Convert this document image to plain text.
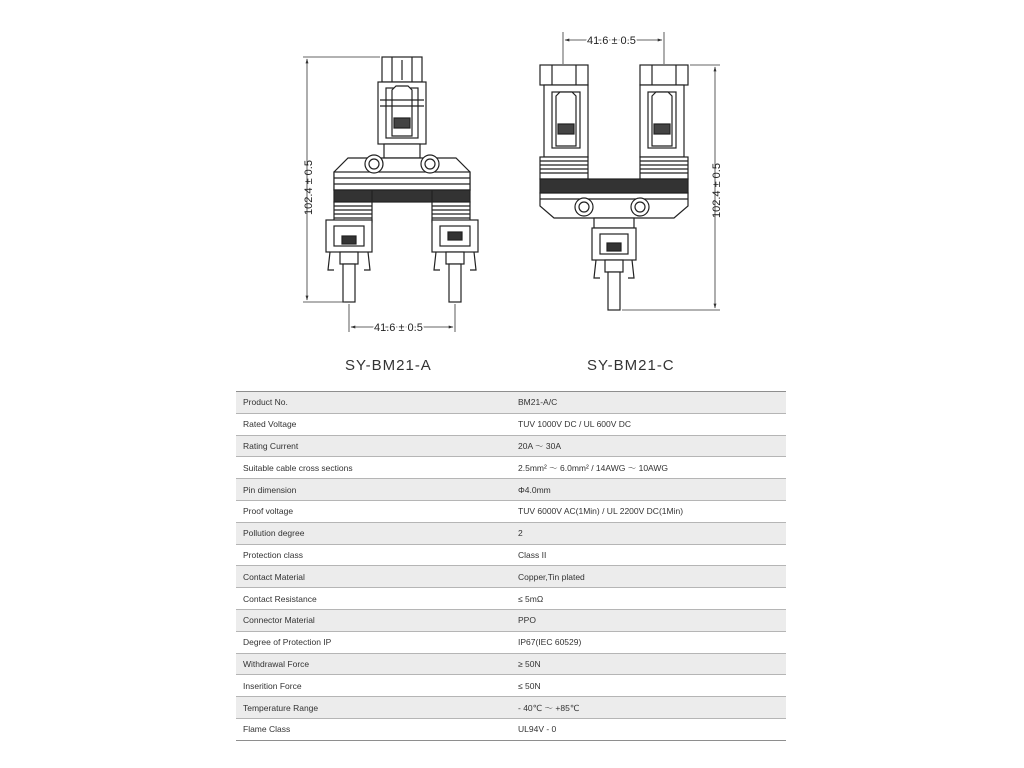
102.4 ± 0.5
41.6 ± 0.5
41.6 ± 0.5
102.4 ± 0.5
SY-BM21-A	SY-BM21-C
Product No.	BM21-A/C
Rated Voltage	TUV 1000V DC / UL 600V DC
Rating Current	20A ～ 30A
Suitable cable cross sections	2.5mm² ～ 6.0mm² / 14AWG ～ 10AWG
Pin dimension	Φ4.0mm
Proof voltage	TUV 6000V AC(1Min) / UL 2200V DC(1Min)
Pollution degree	2
Protection class	Class II
Contact Material	Copper,Tin plated
Contact Resistance	≤ 5mΩ
Connector Material	PPO
Degree of Protection IP	IP67(IEC 60529)
Withdrawal Force	≥ 50N
Inserition Force	≤ 50N
Temperature Range	- 40℃ ～ +85℃
Flame Class	UL94V - 0
